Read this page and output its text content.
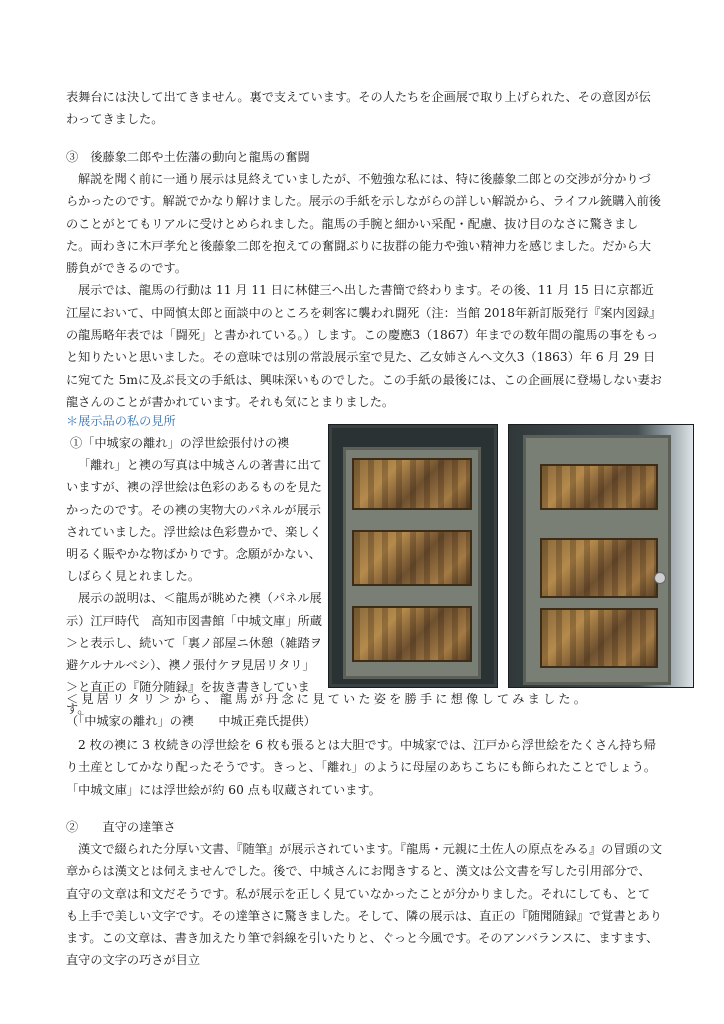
表舞台には決して出てきません。裏で支えています。その人たちを企画展で取り上げられた、その意図が伝わってきました。

③　後藤象二郎や土佐藩の動向と龍馬の奮闘

解説を聞く前に一通り展示は見終えていましたが、不勉強な私には、特に後藤象二郎との交渉が分かりづらかったのです。解説でかなり解けました。展示の手紙を示しながらの詳しい解説から、ライフル銃購入前後のことがとてもリアルに受けとめられました。龍馬の手腕と細かい采配・配慮、抜け目のなさに驚きました。両わきに木戸孝允と後藤象二郎を抱えての奮闘ぶりに抜群の能力や強い精神力を感じました。だから大勝負ができるのです。

展示では、龍馬の行動は 11 月 11 日に林健三へ出した書簡で終わります。その後、11 月 15 日に京都近江屋において、中岡慎太郎と面談中のところを刺客に襲われ闘死（注：当館 2018年新訂版発行『案内図録』の龍馬略年表では「闘死」と書かれている。）します。この慶應3（1867）年までの数年間の龍馬の事をもっと知りたいと思いました。その意味では別の常設展示室で見た、乙女姉さんへ文久3（1863）年 6 月 29 日に宛てた 5mに及ぶ長文の手紙は、興味深いものでした。この手紙の最後には、この企画展に登場しない妻お龍さんのことが書かれています。それも気にとまりました。

＊展示品の私の見所

①「中城家の離れ」の浮世絵張付けの襖

「離れ」と襖の写真は中城さんの著書に出ていますが、襖の浮世絵は色彩のあるものを見たかったのです。その襖の実物大のパネルが展示されていました。浮世絵は色彩豊かで、楽しく明るく賑やかな物ばかりです。念願がかない、しばらく見とれました。

展示の説明は、＜龍馬が眺めた襖（パネル展示）江戸時代　高知市図書館「中城文庫」所蔵＞と表示し、続いて「裏ノ部屋ニ休憩（雑踏ヲ避ケルナルベシ）、襖ノ張付ケヲ見居リタリ」＞と直正の『随分随録』を抜き書きしています。

＜見居リタリ＞から、龍馬が丹念に見ていた姿を勝手に想像してみました。
（「中城家の離れ」の襖　　中城正堯氏提供）

2 枚の襖に 3 枚続きの浮世絵を 6 枚も張るとは大胆です。中城家では、江戸から浮世絵をたくさん持ち帰り土産としてかなり配ったそうです。きっと、「離れ」のように母屋のあちこちにも飾られたことでしょう。「中城文庫」には浮世絵が約 60 点も収蔵されています。

②　　直守の達筆さ

漢文で綴られた分厚い文書、『随筆』が展示されています。『龍馬・元親に土佐人の原点をみる』の冒頭の文章からは漢文とは伺えませんでした。後で、中城さんにお聞きすると、漢文は公文書を写した引用部分で、直守の文章は和文だそうです。私が展示を正しく見ていなかったことが分かりました。それにしても、とても上手で美しい文字です。その達筆さに驚きました。そして、隣の展示は、直正の『随聞随録』で覚書とあります。この文章は、書き加えたり筆で斜線を引いたりと、ぐっと今風です。そのアンバランスに、ますます、直守の文字の巧さが目立
